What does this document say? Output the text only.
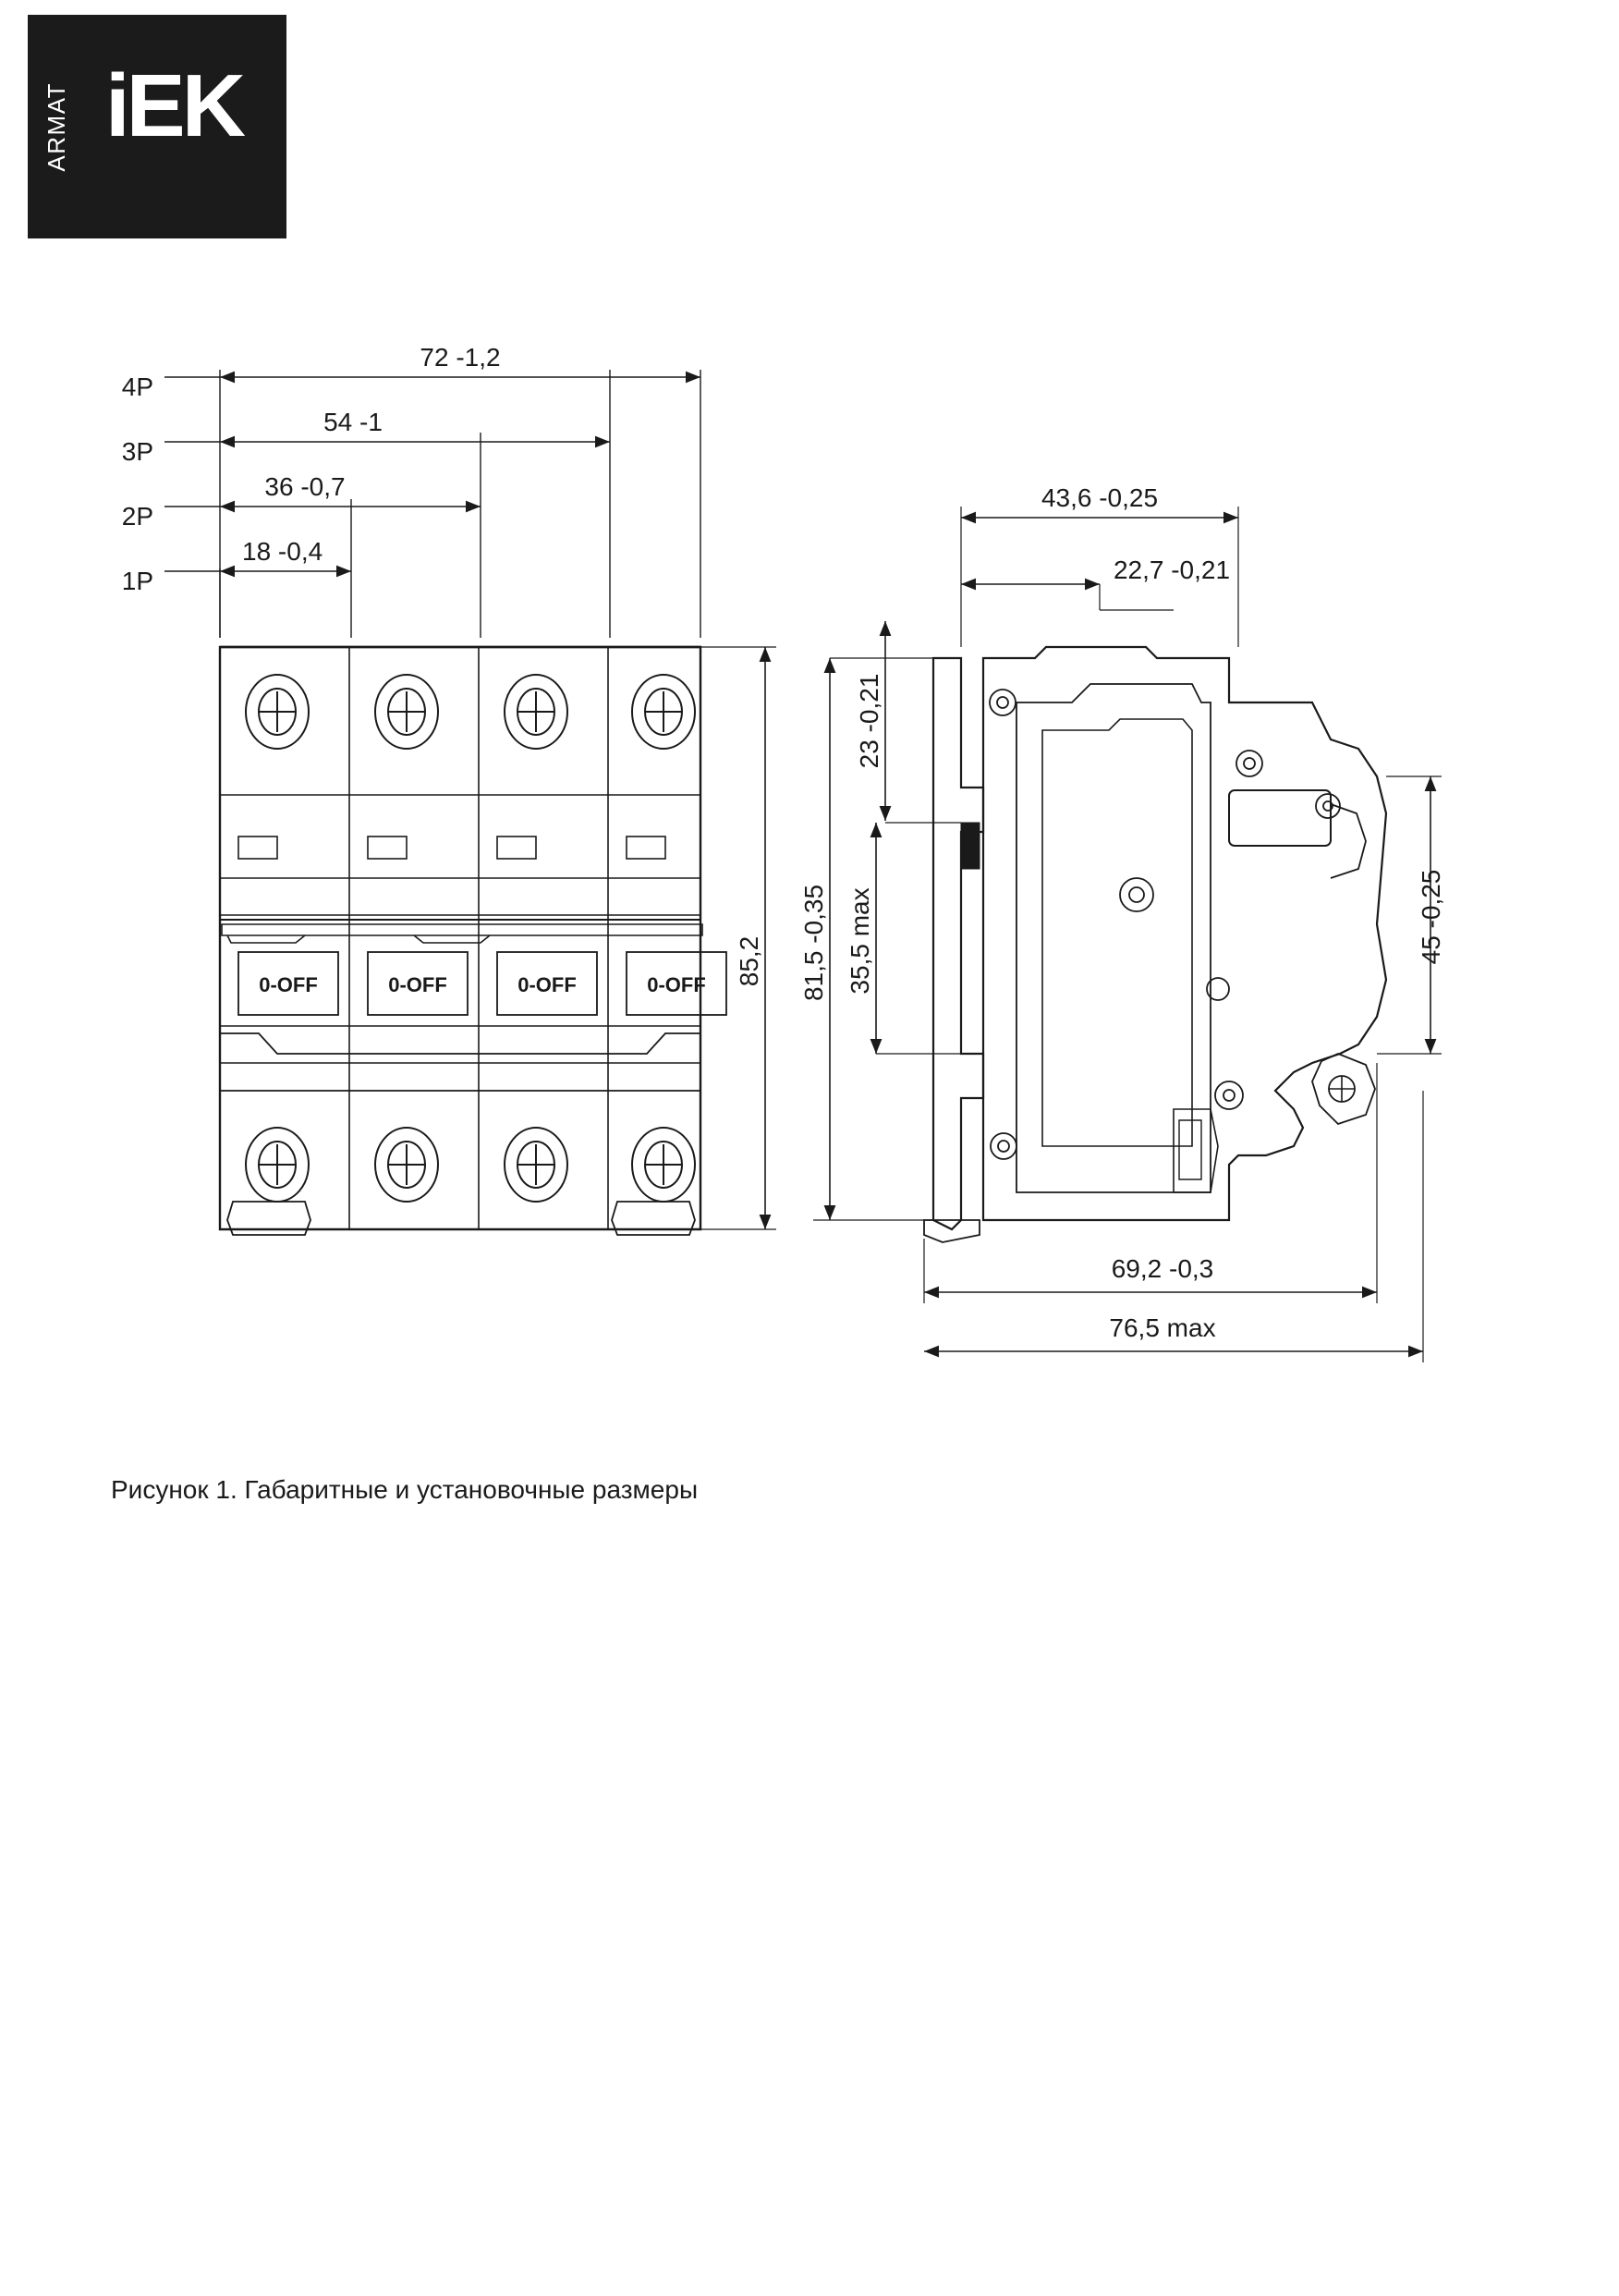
ARMAT iEK
4P
3P
2P
1P
72 -1,2
54 -1
36 -0,7
18 -0,4
0-OFF	0-OFF	0-OFF	0-OFF 85,2
43,6 -0,25
22,7 -0,21
23 -0,21
35,5 max
81,5 -0,35	45 -0,25
69,2 -0,3
76,5 max
Рисунок 1. Габаритные и установочные размеры
